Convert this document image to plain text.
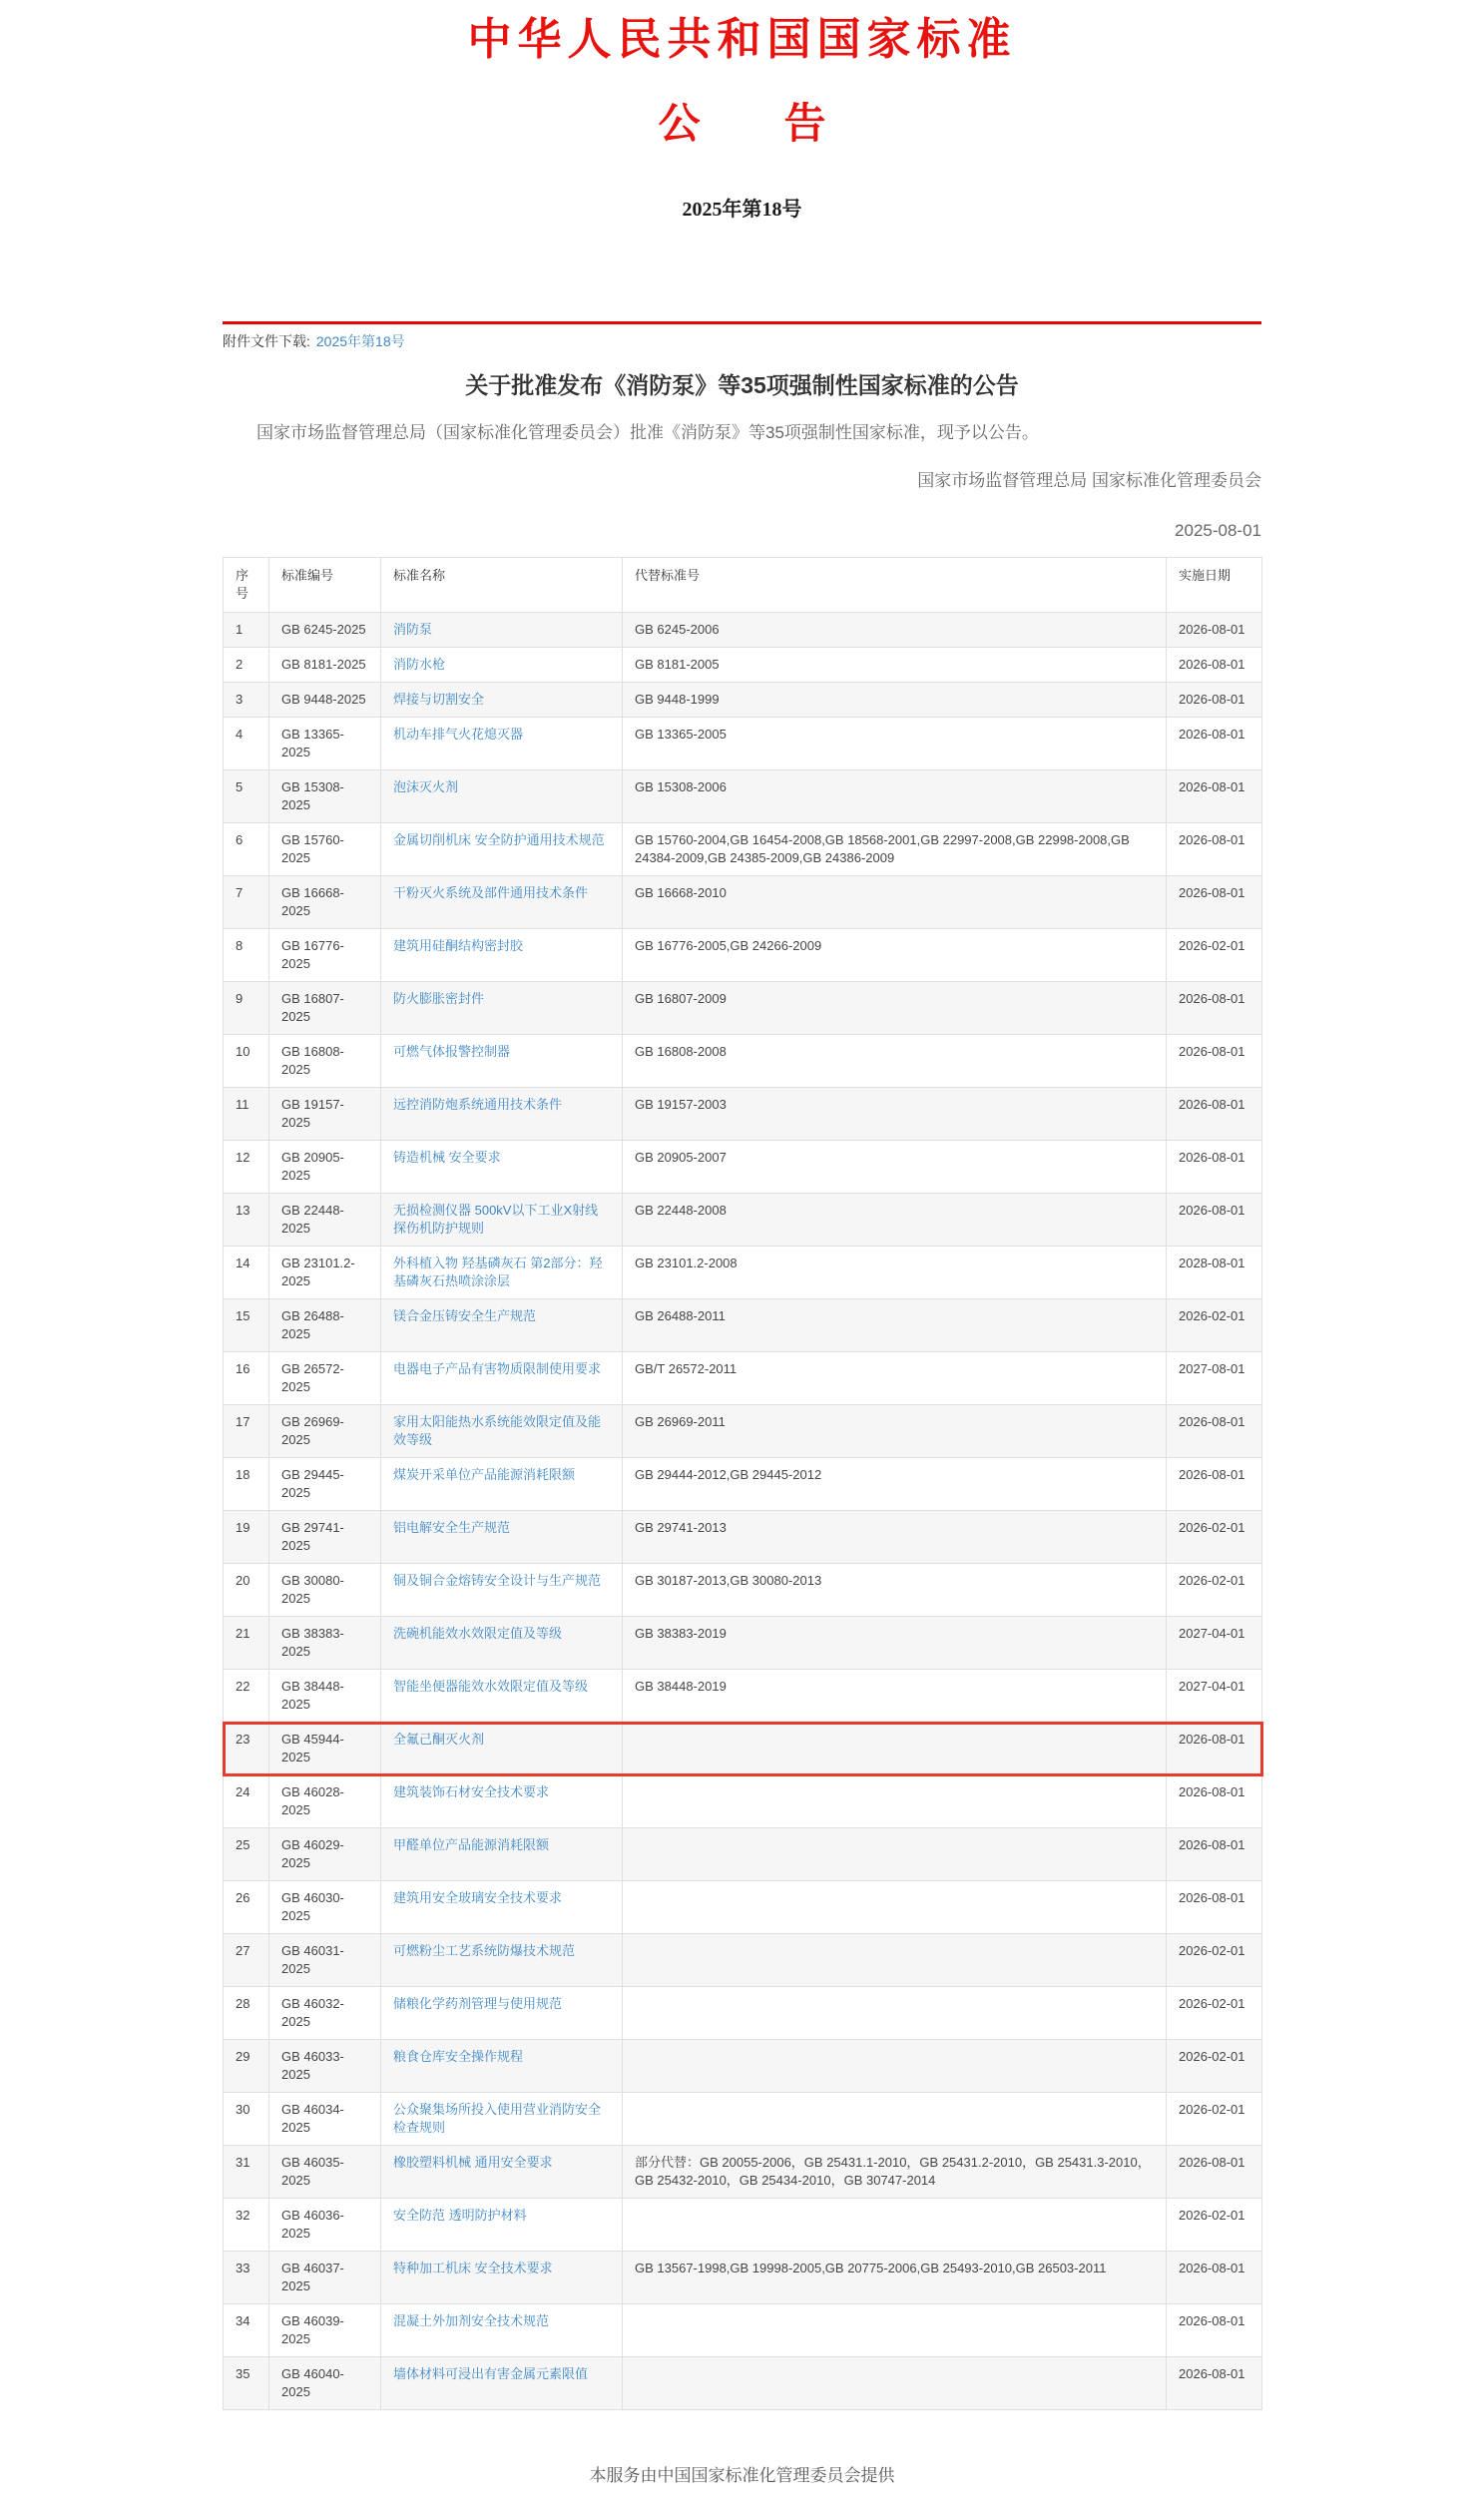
中华人民共和国国家标准
公　　告
2025年第18号
附件文件下载: 2025年第18号
关于批准发布《消防泵》等35项强制性国家标准的公告
国家市场监督管理总局（国家标准化管理委员会）批准《消防泵》等35项强制性国家标准，现予以公告。
国家市场监督管理总局 国家标准化管理委员会
2025-08-01
序号	标准编号	标准名称	代替标准号	实施日期
1	GB 6245-2025	消防泵	GB 6245-2006	2026-08-01
2	GB 8181-2025	消防水枪	GB 8181-2005	2026-08-01
3	GB 9448-2025	焊接与切割安全	GB 9448-1999	2026-08-01
4	GB 13365-2025	机动车排气火花熄灭器	GB 13365-2005	2026-08-01
5	GB 15308-2025	泡沫灭火剂	GB 15308-2006	2026-08-01
6	GB 15760-2025	金属切削机床 安全防护通用技术规范	GB 15760-2004,GB 16454-2008,GB 18568-2001,GB 22997-2008,GB 22998-2008,GB 24384-2009,GB 24385-2009,GB 24386-2009	2026-08-01
7	GB 16668-2025	干粉灭火系统及部件通用技术条件	GB 16668-2010	2026-08-01
8	GB 16776-2025	建筑用硅酮结构密封胶	GB 16776-2005,GB 24266-2009	2026-02-01
9	GB 16807-2025	防火膨胀密封件	GB 16807-2009	2026-08-01
10	GB 16808-2025	可燃气体报警控制器	GB 16808-2008	2026-08-01
11	GB 19157-2025	远控消防炮系统通用技术条件	GB 19157-2003	2026-08-01
12	GB 20905-2025	铸造机械 安全要求	GB 20905-2007	2026-08-01
13	GB 22448-2025	无损检测仪器 500kV以下工业X射线探伤机防护规则	GB 22448-2008	2026-08-01
14	GB 23101.2-2025	外科植入物 羟基磷灰石 第2部分：羟基磷灰石热喷涂涂层	GB 23101.2-2008	2028-08-01
15	GB 26488-2025	镁合金压铸安全生产规范	GB 26488-2011	2026-02-01
16	GB 26572-2025	电器电子产品有害物质限制使用要求	GB/T 26572-2011	2027-08-01
17	GB 26969-2025	家用太阳能热水系统能效限定值及能效等级	GB 26969-2011	2026-08-01
18	GB 29445-2025	煤炭开采单位产品能源消耗限额	GB 29444-2012,GB 29445-2012	2026-08-01
19	GB 29741-2025	铝电解安全生产规范	GB 29741-2013	2026-02-01
20	GB 30080-2025	铜及铜合金熔铸安全设计与生产规范	GB 30187-2013,GB 30080-2013	2026-02-01
21	GB 38383-2025	洗碗机能效水效限定值及等级	GB 38383-2019	2027-04-01
22	GB 38448-2025	智能坐便器能效水效限定值及等级	GB 38448-2019	2027-04-01
23	GB 45944-2025	全氟己酮灭火剂		2026-08-01
24	GB 46028-2025	建筑装饰石材安全技术要求		2026-08-01
25	GB 46029-2025	甲醛单位产品能源消耗限额		2026-08-01
26	GB 46030-2025	建筑用安全玻璃安全技术要求		2026-08-01
27	GB 46031-2025	可燃粉尘工艺系统防爆技术规范		2026-02-01
28	GB 46032-2025	储粮化学药剂管理与使用规范		2026-02-01
29	GB 46033-2025	粮食仓库安全操作规程		2026-02-01
30	GB 46034-2025	公众聚集场所投入使用营业消防安全检查规则		2026-02-01
31	GB 46035-2025	橡胶塑料机械 通用安全要求	部分代替：GB 20055-2006，GB 25431.1-2010，GB 25431.2-2010，GB 25431.3-2010，GB 25432-2010，GB 25434-2010，GB 30747-2014	2026-08-01
32	GB 46036-2025	安全防范 透明防护材料		2026-02-01
33	GB 46037-2025	特种加工机床 安全技术要求	GB 13567-1998,GB 19998-2005,GB 20775-2006,GB 25493-2010,GB 26503-2011	2026-08-01
34	GB 46039-2025	混凝土外加剂安全技术规范		2026-08-01
35	GB 46040-2025	墙体材料可浸出有害金属元素限值		2026-08-01
本服务由中国国家标准化管理委员会提供
